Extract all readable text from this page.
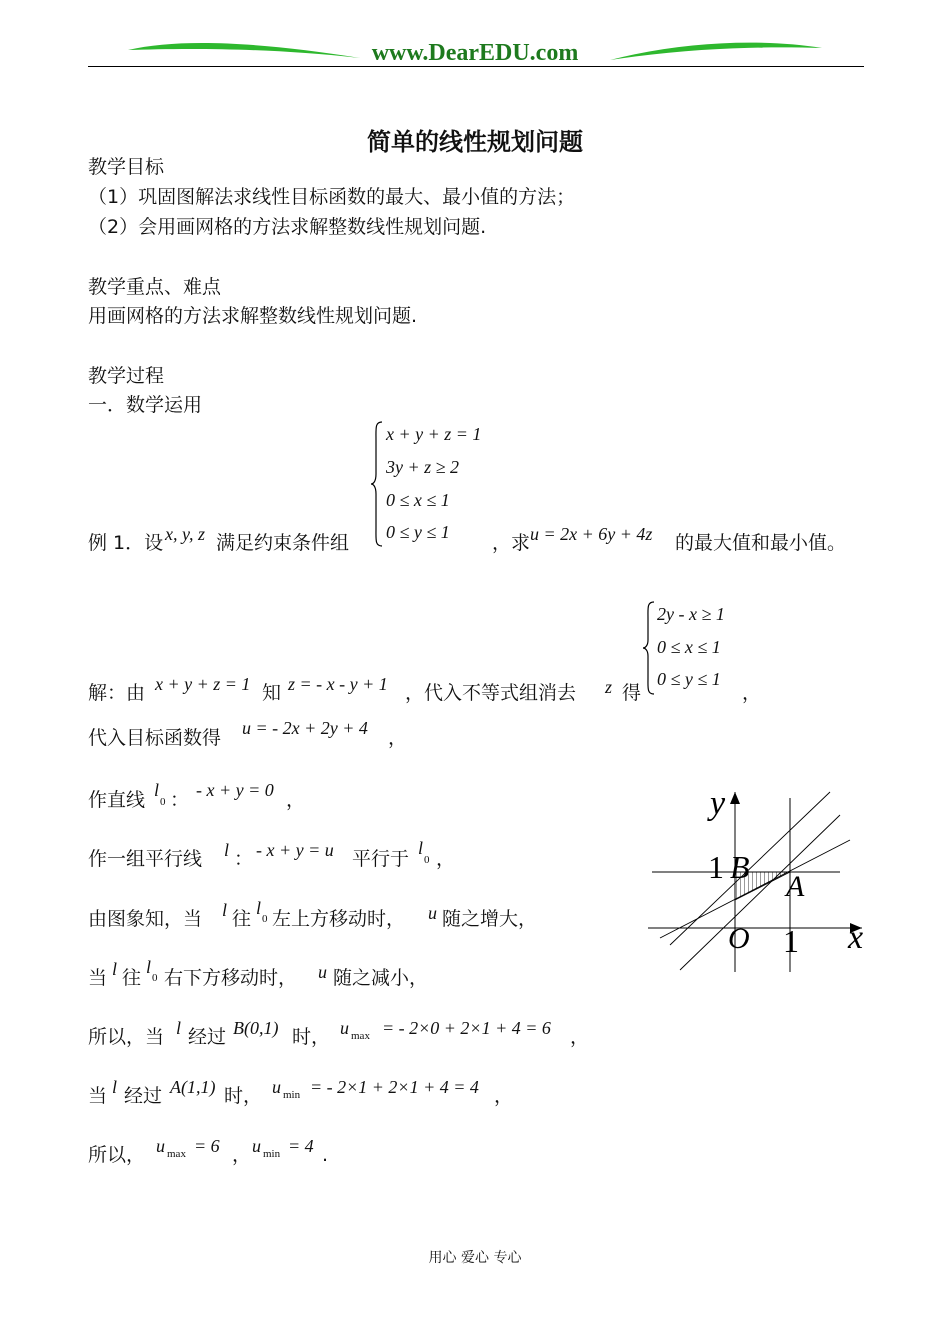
www.DearEDU.com
简单的线性规划问题
教学目标
（1）巩固图解法求线性目标函数的最大、最小值的方法；
（2）会用画网格的方法求解整数线性规划问题.
教学重点、难点
用画网格的方法求解整数线性规划问题.
教学过程
一．数学运用
x + y + z = 1
3y + z ≥ 2
0 ≤ x ≤ 1
0 ≤ y ≤ 1
例 1．设 x, y, z 满足约束条件组	，求 u = 2x + 6y + 4z 的最大值和最小值。
2y - x ≥ 1
0 ≤ x ≤ 1
0 ≤ y ≤ 1
解：由 x + y + z = 1 知 z = - x - y + 1 ，代入不等式组消去 z 得	，
代入目标函数得 u = - 2x + 2y + 4 ，
作直线 l
0 ： - x + y = 0 ，
作一组平行线 l ： - x + y = u 平行于 l
0 ，
由图象知，当 l 往 l
0 左上方移动时， u 随之增大，
当 l 往 l
0 右下方移动时， u 随之减小，
所以，当 l 经过 B(0,1) 时， u max = - 2×0 + 2×1 + 4 = 6 ，
当 l 经过 A(1,1) 时， u min = - 2×1 + 2×1 + 4 = 4 ，
所以， u max = 6 ， u min = 4 .
y
x
O 1
1 B
A
用心 爱心 专心
